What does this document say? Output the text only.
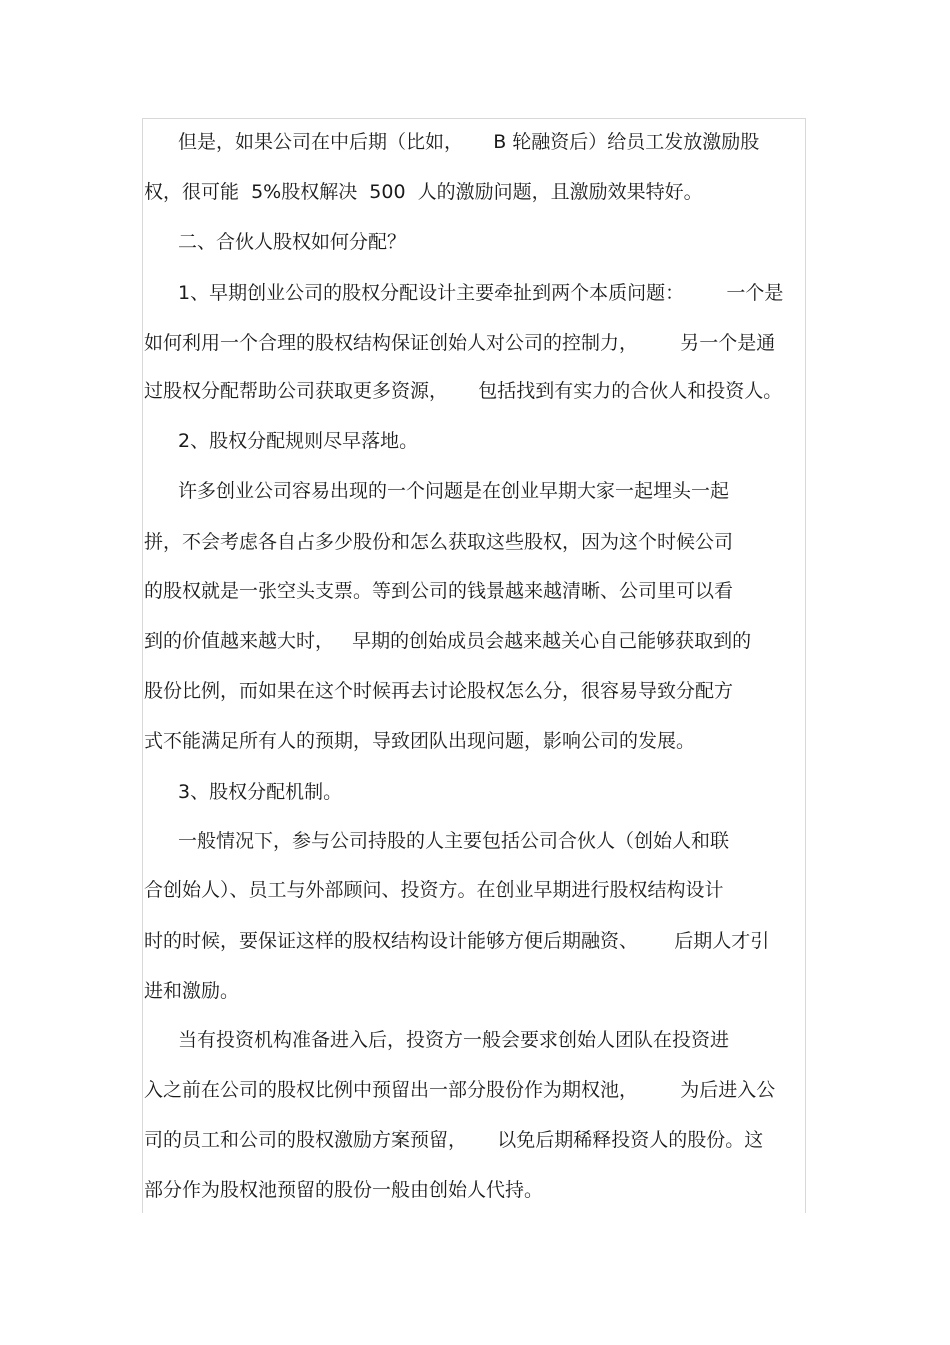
但是，如果公司在中后期（比如，     B 轮融资后）给员工发放激励股
权，很可能  5%股权解决  500  人的激励问题，且激励效果特好。
二、合伙人股权如何分配？
1、早期创业公司的股权分配设计主要牵扯到两个本质问题：       一个是
如何利用一个合理的股权结构保证创始人对公司的控制力，       另一个是通
过股权分配帮助公司获取更多资源，     包括找到有实力的合伙人和投资人。
2、股权分配规则尽早落地。
许多创业公司容易出现的一个问题是在创业早期大家一起埋头一起
拼，不会考虑各自占多少股份和怎么获取这些股权，因为这个时候公司
的股权就是一张空头支票。等到公司的钱景越来越清晰、公司里可以看
到的价值越来越大时，   早期的创始成员会越来越关心自己能够获取到的
股份比例，而如果在这个时候再去讨论股权怎么分，很容易导致分配方
式不能满足所有人的预期，导致团队出现问题，影响公司的发展。
3、股权分配机制。
一般情况下，参与公司持股的人主要包括公司合伙人（创始人和联
合创始人）、员工与外部顾问、投资方。在创业早期进行股权结构设计
时的时候，要保证这样的股权结构设计能够方便后期融资、      后期人才引
进和激励。
当有投资机构准备进入后，投资方一般会要求创始人团队在投资进
入之前在公司的股权比例中预留出一部分股份作为期权池，       为后进入公
司的员工和公司的股权激励方案预留，     以免后期稀释投资人的股份。这
部分作为股权池预留的股份一般由创始人代持。
